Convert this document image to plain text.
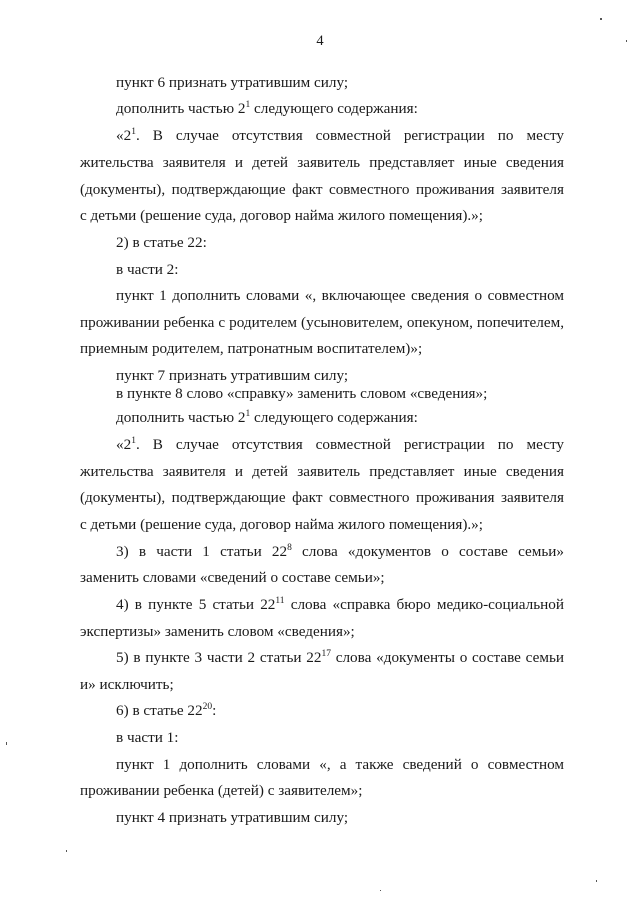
4
пункт 6 признать утратившим силу;
дополнить частью $2^1$ следующего содержания:
«$2^1$. В случае отсутствия совместной регистрации по месту
жительства заявителя и детей заявитель представляет иные сведения
(документы), подтверждающие факт совместного проживания заявителя
с детьми (решение суда, договор найма жилого помещения).»;
2) в статье 22:
в части 2:
пункт 1 дополнить словами «, включающее сведения о совместном
проживании ребенка с родителем (усыновителем, опекуном, попечителем,
приемным родителем, патронатным воспитателем)»;
пункт 7 признать утратившим силу;
в пункте 8 слово «справку» заменить словом «сведения»;
дополнить частью $2^1$ следующего содержания:
«$2^1$. В случае отсутствия совместной регистрации по месту
жительства заявителя и детей заявитель представляет иные сведения
(документы), подтверждающие факт совместного проживания заявителя
с детьми (решение суда, договор найма жилого помещения).»;
3) в части 1 статьи $22^8$ слова «документов о составе семьи»
заменить словами «сведений о составе семьи»;
4) в пункте 5 статьи $22^{11}$ слова «справка бюро медико-социальной
экспертизы» заменить словом «сведения»;
5) в пункте 3 части 2 статьи $22^{17}$ слова «документы о составе семьи
и» исключить;
6) в статье $22^{20}$:
в части 1:
пункт 1 дополнить словами «, а также сведений о совместном
проживании ребенка (детей) с заявителем»;
пункт 4 признать утратившим силу;
